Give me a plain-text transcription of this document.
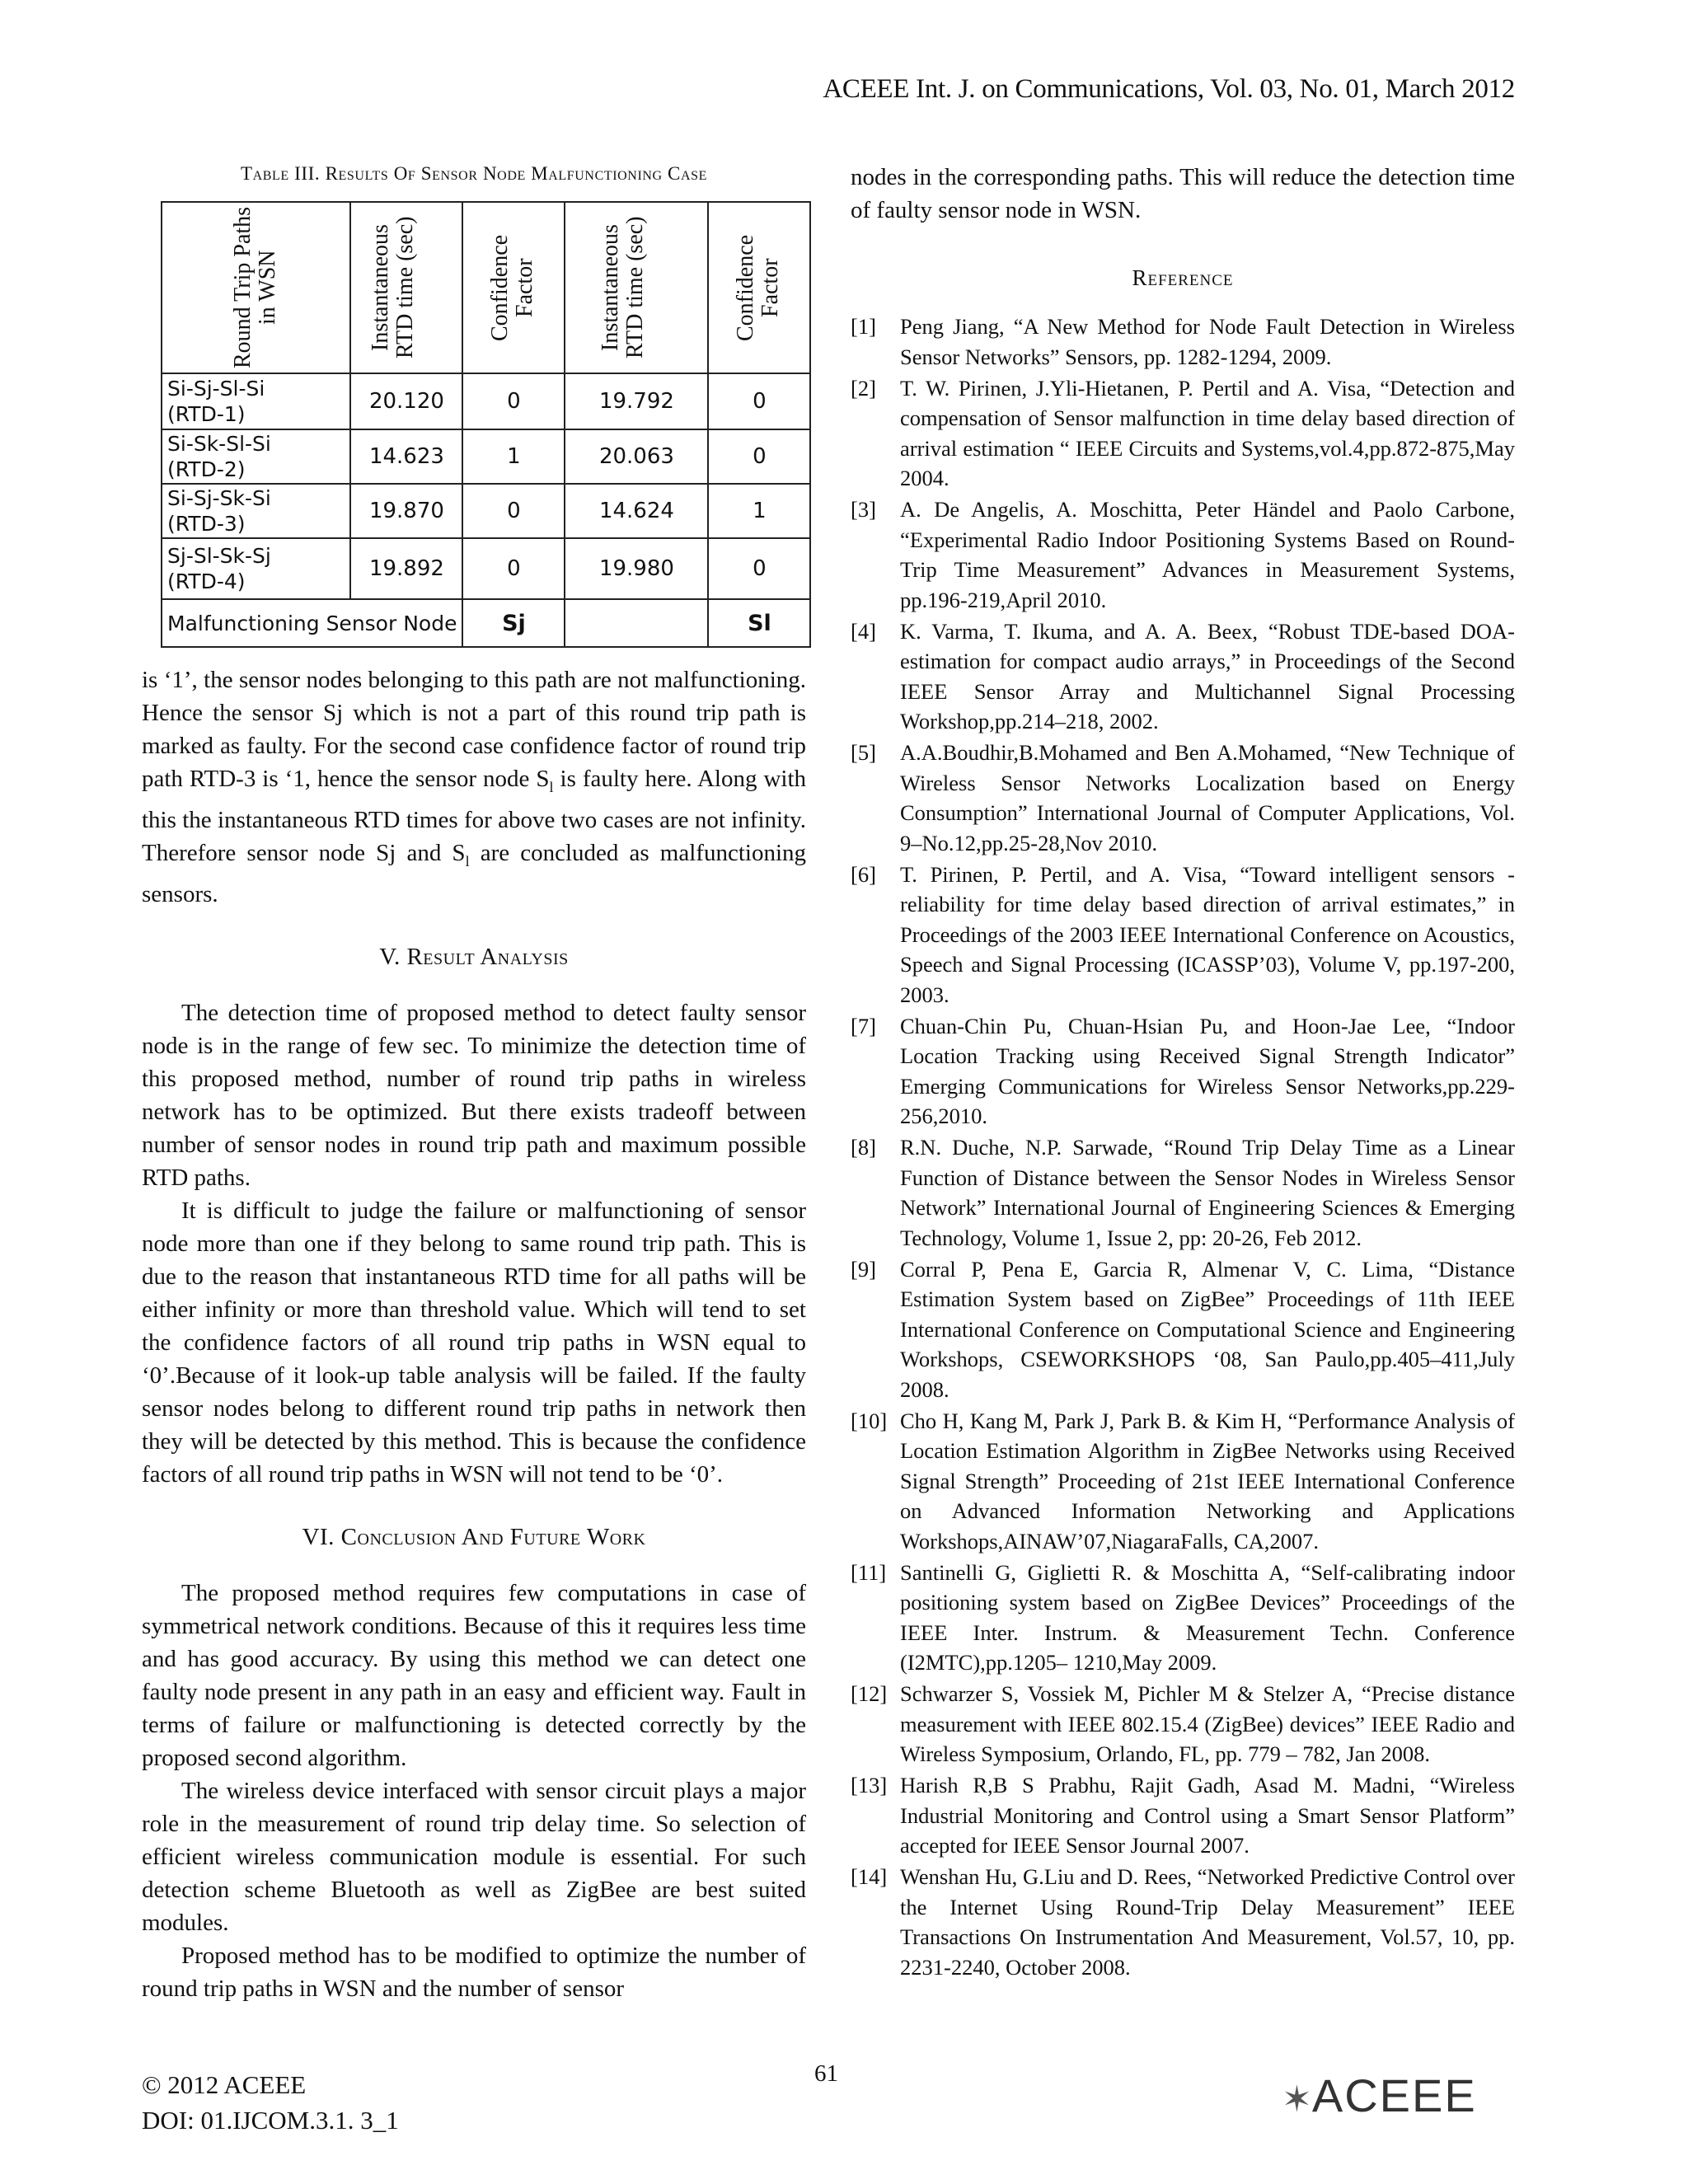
ACEEE Int. J. on Communications, Vol. 03, No. 01, March 2012
Table III. Results Of Sensor Node Malfunctioning Case
Round Trip Paths in WSN	Instantaneous RTD time (sec)	Confidence Factor	Instantaneous RTD time (sec)	Confidence Factor

Si-Sj-Sl-Si
(RTD-1)	20.120	0	19.792	0
Si-Sk-Sl-Si
(RTD-2)	14.623	1	20.063	0
Si-Sj-Sk-Si
(RTD-3)	19.870	0	14.624	1
Sj-Sl-Sk-Sj
(RTD-4)	19.892	0	19.980	0
Malfunctioning Sensor Node		Sj		Sl

is ‘1’, the sensor nodes belonging to this path are not malfunctioning. Hence the sensor Sj which is not a part of this round trip path is marked as faulty. For the second case confidence factor of round trip path RTD-3 is ‘1, hence the sensor node $S_l$ is faulty here. Along with this the instantaneous RTD times for above two cases are not infinity. Therefore sensor node Sj and $S_l$ are concluded as malfunctioning sensors.

V. Result Analysis

The detection time of proposed method to detect faulty sensor node is in the range of few sec. To minimize the detection time of this proposed method, number of round trip paths in wireless network has to be optimized. But there exists tradeoff between number of sensor nodes in round trip path and maximum possible RTD paths.

It is difficult to judge the failure or malfunctioning of sensor node more than one if they belong to same round trip path. This is due to the reason that instantaneous RTD time for all paths will be either infinity or more than threshold value. Which will tend to set the confidence factors of all round trip paths in WSN equal to ‘0’.Because of it look-up table analysis will be failed. If the faulty sensor nodes belong to different round trip paths in network then they will be detected by this method. This is because the confidence factors of all round trip paths in WSN will not tend to be ‘0’.

VI. Conclusion And Future Work

The proposed method requires few computations in case of symmetrical network conditions. Because of this it requires less time and has good accuracy. By using this method we can detect one faulty node present in any path in an easy and efficient way. Fault in terms of failure or malfunctioning is detected correctly by the proposed second algorithm.

The wireless device interfaced with sensor circuit plays a major role in the measurement of round trip delay time. So selection of efficient wireless communication module is essential. For such detection scheme Bluetooth as well as ZigBee are best suited modules.

Proposed method has to be modified to optimize the number of round trip paths in WSN and the number of sensor

nodes in the corresponding paths. This will reduce the detection time of faulty sensor node in WSN.

Reference
[1] Peng Jiang, “A New Method for Node Fault Detection in Wireless Sensor Networks” Sensors, pp. 1282-1294, 2009.
[2] T. W. Pirinen, J.Yli-Hietanen, P. Pertil and A. Visa, “Detection and compensation of Sensor malfunction in time delay based direction of arrival estimation “ IEEE Circuits and Systems,vol.4,pp.872-875,May 2004.
[3] A. De Angelis, A. Moschitta, Peter Händel and Paolo Carbone, “Experimental Radio Indoor Positioning Systems Based on Round-Trip Time Measurement” Advances in Measurement Systems, pp.196-219,April 2010.
[4] K. Varma, T. Ikuma, and A. A. Beex, “Robust TDE-based DOA-estimation for compact audio arrays,” in Proceedings of the Second IEEE Sensor Array and Multichannel Signal Processing Workshop,pp.214–218, 2002.
[5] A.A.Boudhir,B.Mohamed and Ben A.Mohamed, “New Technique of Wireless Sensor Networks Localization based on Energy Consumption” International Journal of Computer Applications, Vol. 9–No.12,pp.25-28,Nov 2010.
[6] T. Pirinen, P. Pertil, and A. Visa, “Toward intelligent sensors - reliability for time delay based direction of arrival estimates,” in Proceedings of the 2003 IEEE International Conference on Acoustics, Speech and Signal Processing (ICASSP’03), Volume V, pp.197-200, 2003.
[7] Chuan-Chin Pu, Chuan-Hsian Pu, and Hoon-Jae Lee, “Indoor Location Tracking using Received Signal Strength Indicator” Emerging Communications for Wireless Sensor Networks,pp.229-256,2010.
[8] R.N. Duche, N.P. Sarwade, “Round Trip Delay Time as a Linear Function of Distance between the Sensor Nodes in Wireless Sensor Network” International Journal of Engineering Sciences & Emerging Technology, Volume 1, Issue 2, pp: 20-26, Feb 2012.
[9] Corral P, Pena E, Garcia R, Almenar V, C. Lima, “Distance Estimation System based on ZigBee” Proceedings of 11th IEEE International Conference on Computational Science and Engineering Workshops, CSEWORKSHOPS ‘08, San Paulo,pp.405–411,July 2008.
[10] Cho H, Kang M, Park J, Park B. & Kim H, “Performance Analysis of Location Estimation Algorithm in ZigBee Networks using Received Signal Strength” Proceeding of 21st IEEE International Conference on Advanced Information Networking and Applications Workshops,AINAW’07,NiagaraFalls, CA,2007.
[11] Santinelli G, Giglietti R. & Moschitta A, “Self-calibrating indoor positioning system based on ZigBee Devices” Proceedings of the IEEE Inter. Instrum. & Measurement Techn. Conference (I2MTC),pp.1205– 1210,May 2009.
[12] Schwarzer S, Vossiek M, Pichler M & Stelzer A, “Precise distance measurement with IEEE 802.15.4 (ZigBee) devices” IEEE Radio and Wireless Symposium, Orlando, FL, pp. 779 – 782, Jan 2008.
[13] Harish R,B S Prabhu, Rajit Gadh, Asad M. Madni, “Wireless Industrial Monitoring and Control using a Smart Sensor Platform” accepted for IEEE Sensor Journal 2007.
[14] Wenshan Hu, G.Liu and D. Rees, “Networked Predictive Control over the Internet Using Round-Trip Delay Measurement” IEEE Transactions On Instrumentation And Measurement, Vol.57, 10, pp. 2231-2240, October 2008.
© 2012 ACEEE
DOI: 01.IJCOM.3.1. 3_1
61
✶ACEEE
